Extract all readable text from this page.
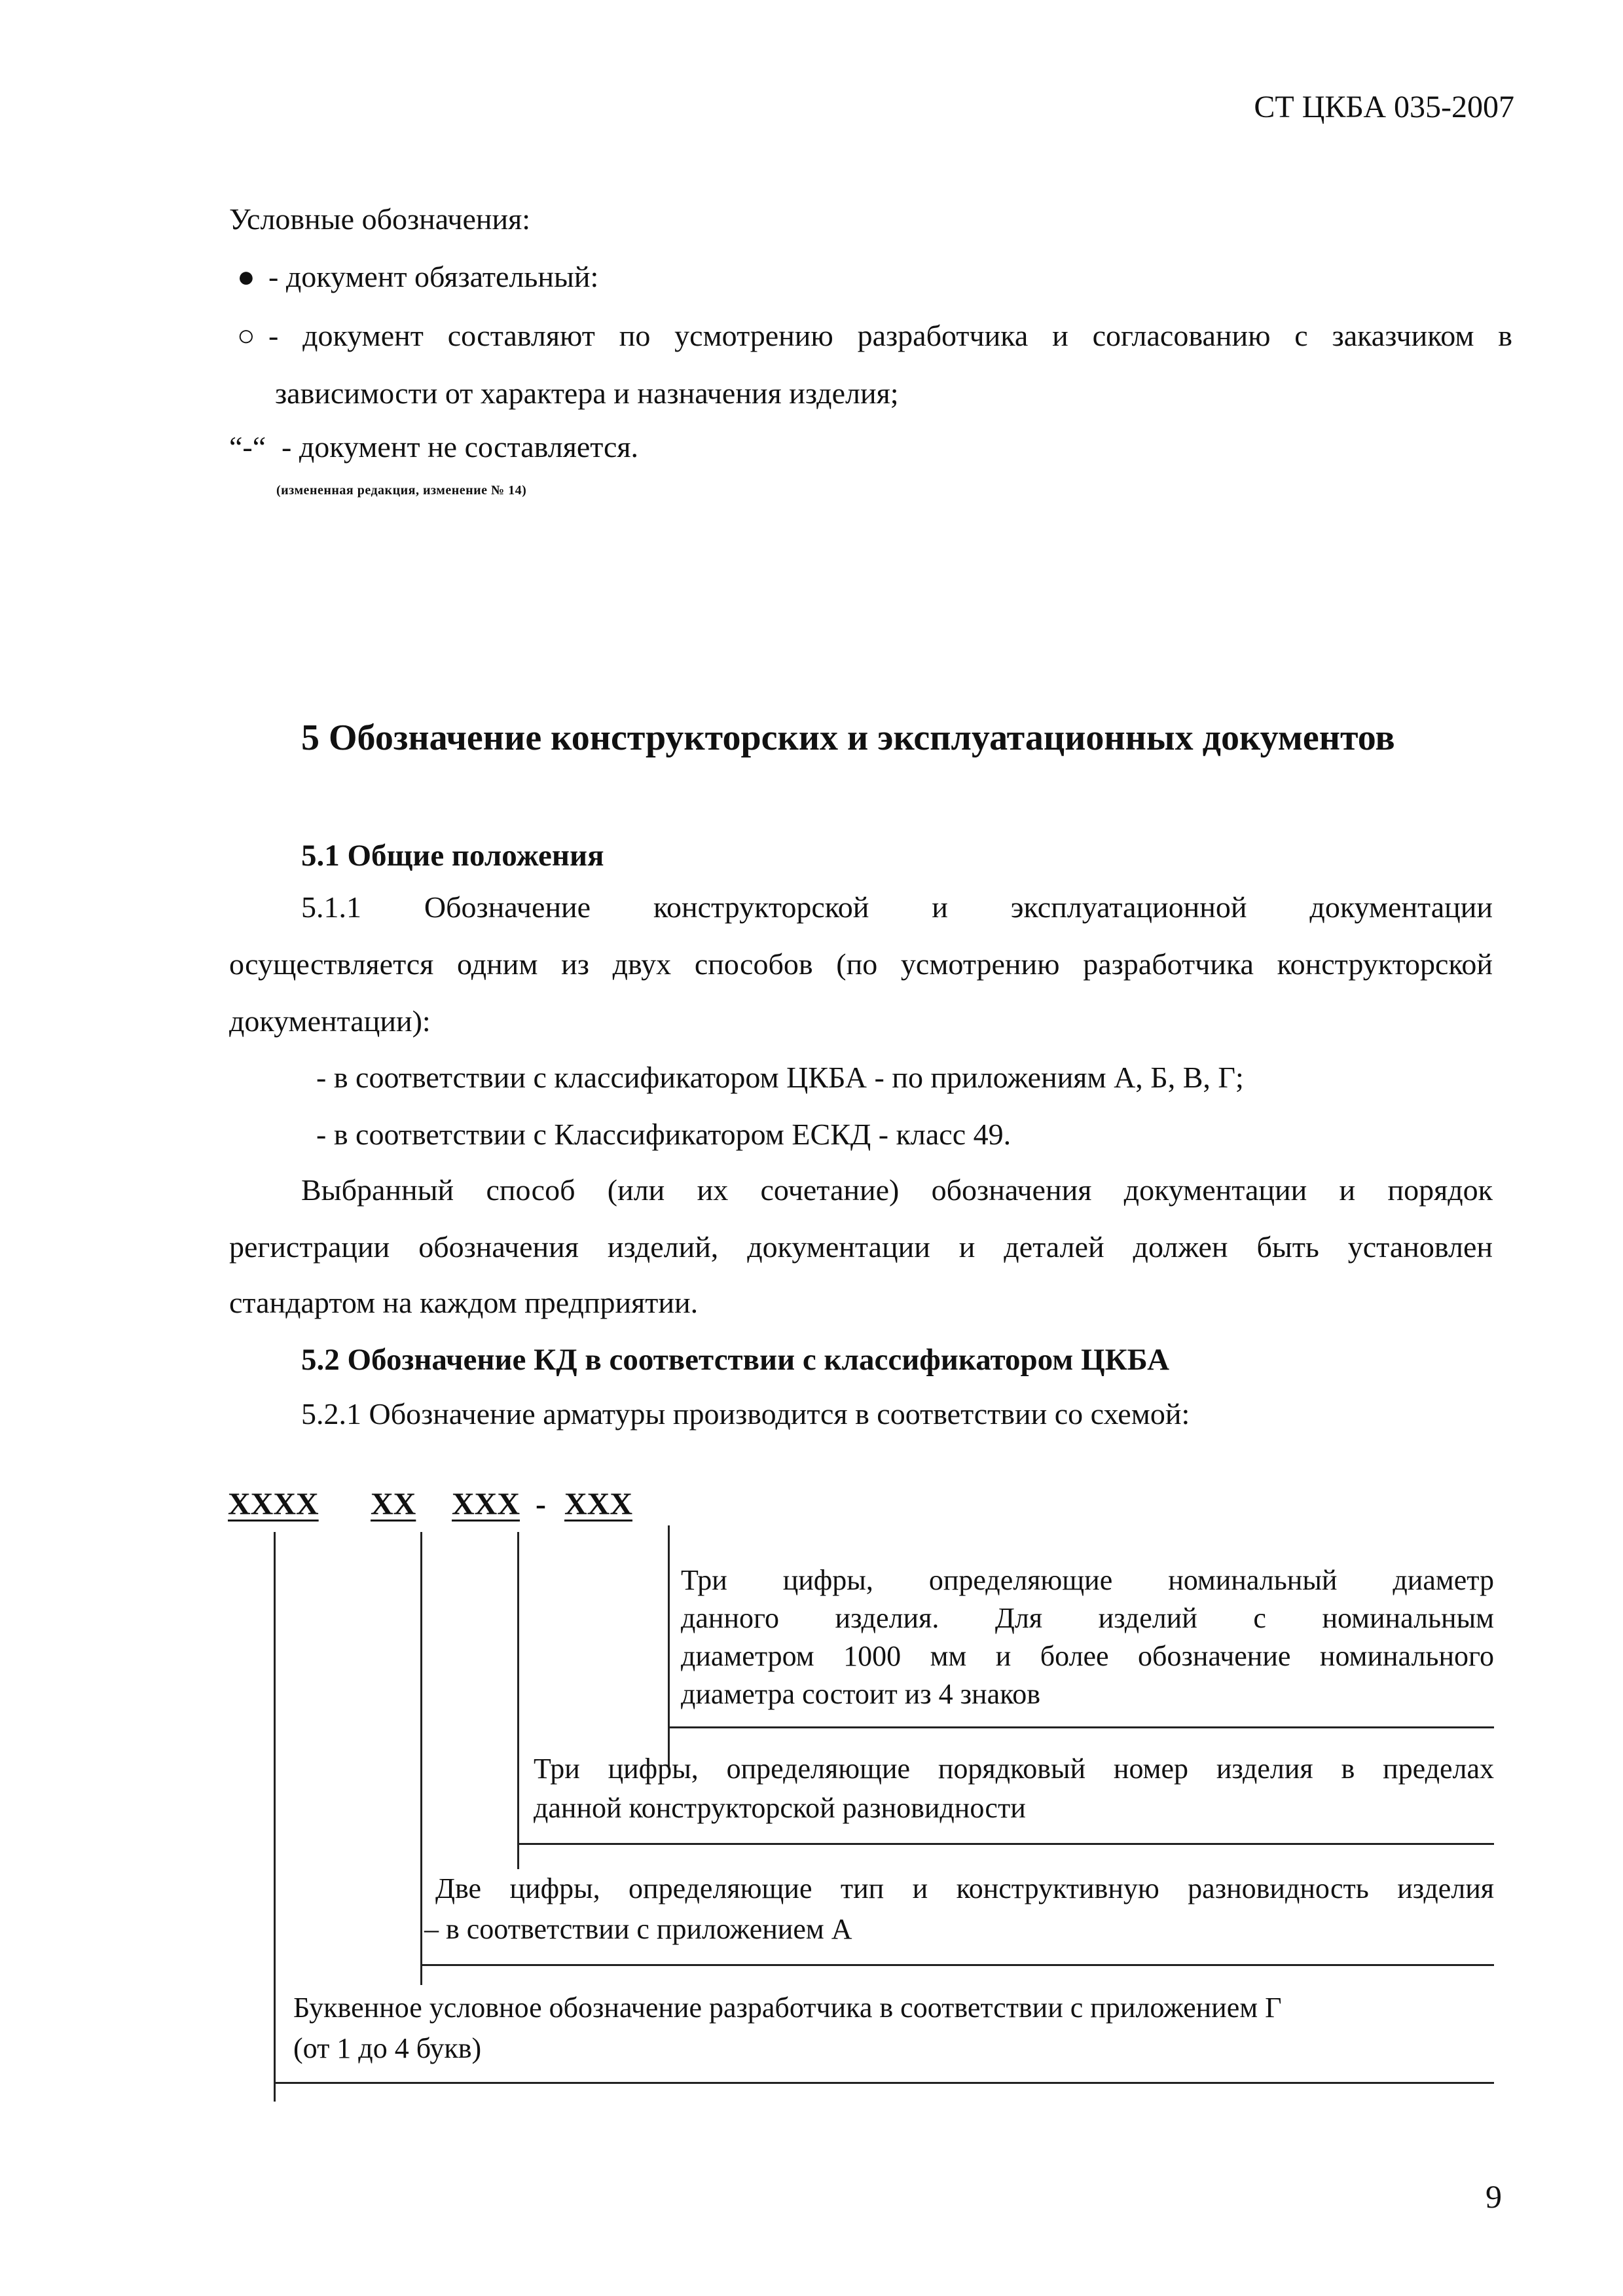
СТ ЦКБА 035-2007
Условные обозначения:
● - документ обязательный:
○ - документ составляют по усмотрению разработчика и согласованию с заказчиком в
зависимости от характера и назначения изделия;
“-“ - документ не составляется.
(измененная редакция, изменение № 14)
5 Обозначение конструкторских и эксплуатационных документов
5.1 Общие положения
5.1.1 Обозначение конструкторской и эксплуатационной документации
осуществляется одним из двух способов (по усмотрению разработчика конструкторской
документации):
- в соответствии с классификатором ЦКБА - по приложениям А, Б, В, Г;
- в соответствии с Классификатором ЕСКД - класс 49.
Выбранный способ (или их сочетание) обозначения документации и порядок
регистрации обозначения изделий, документации и деталей должен быть установлен
стандартом на каждом предприятии.
5.2 Обозначение КД в соответствии с классификатором ЦКБА
5.2.1 Обозначение арматуры производится в соответствии со схемой:
XXXX XX XXX - XXX
Три цифры, определяющие номинальный диаметр
данного изделия. Для изделий с номинальным
диаметром 1000 мм и более обозначение номинального
диаметра состоит из 4 знаков
Три цифры, определяющие порядковый номер изделия в пределах
данной конструкторской разновидности
Две цифры, определяющие тип и конструктивную разновидность изделия
– в соответствии с приложением А
Буквенное условное обозначение разработчика в соответствии с приложением Г
(от 1 до 4 букв)
9
